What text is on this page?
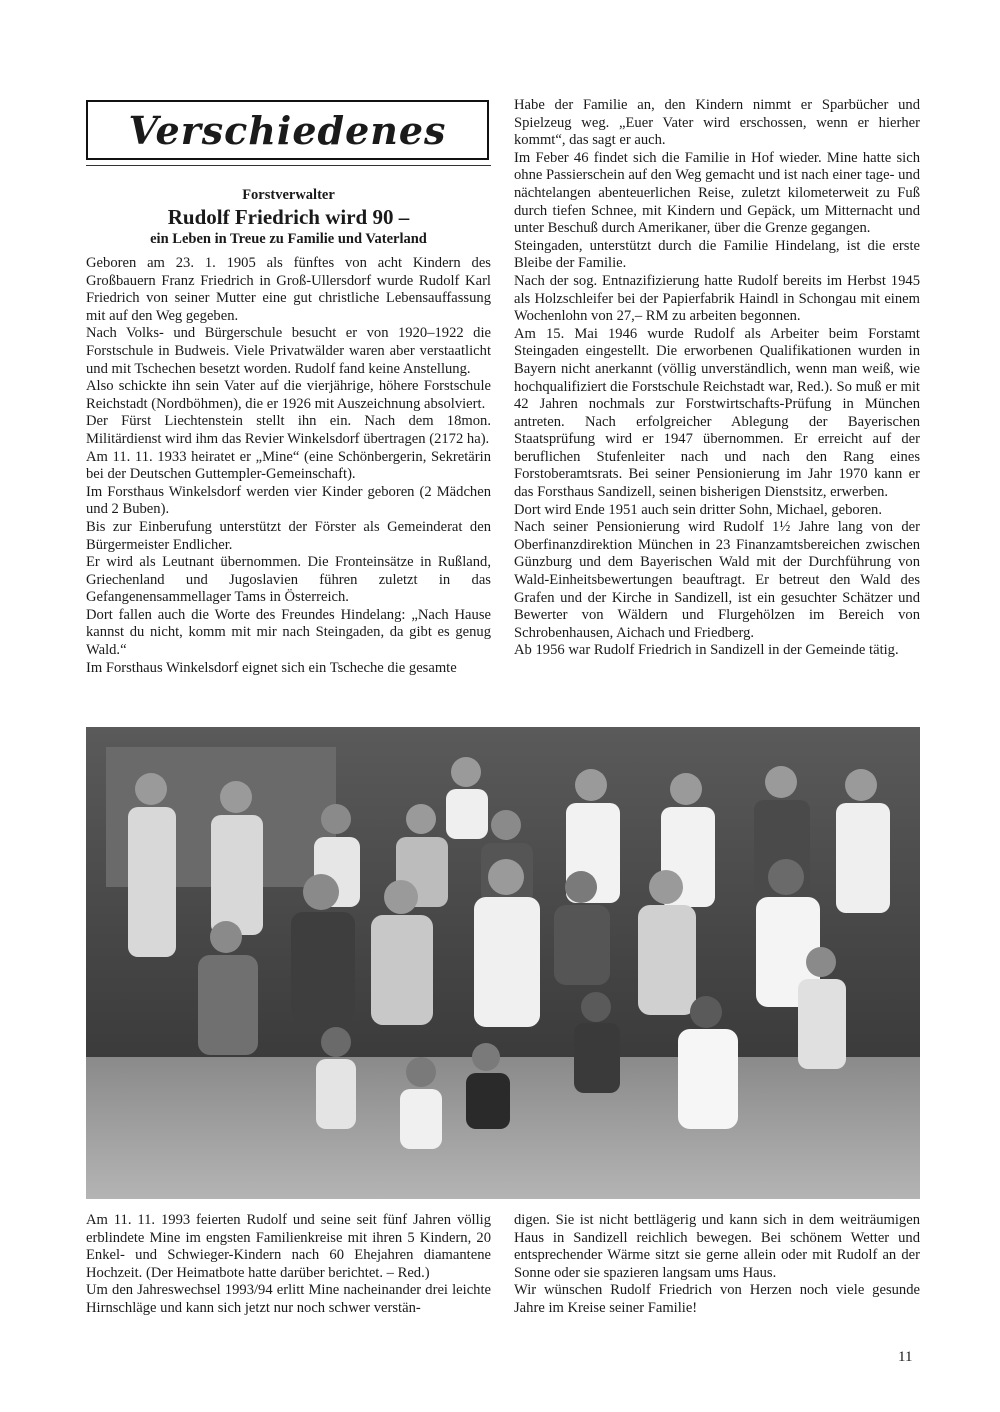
Verschiedenes
Forstverwalter
Rudolf Friedrich wird 90 –
ein Leben in Treue zu Familie und Vaterland

Geboren am 23. 1. 1905 als fünftes von acht Kindern des Großbauern Franz Friedrich in Groß-Ullersdorf wurde Rudolf Karl Friedrich von seiner Mutter eine gut christliche Lebensauffassung mit auf den Weg gegeben.

Nach Volks- und Bürgerschule besucht er von 1920–1922 die Forstschule in Budweis. Viele Privatwälder waren aber verstaatlicht und mit Tschechen besetzt worden. Rudolf fand keine Anstellung.

Also schickte ihn sein Vater auf die vierjährige, höhere Forstschule Reichstadt (Nordböhmen), die er 1926 mit Auszeichnung absolviert.

Der Fürst Liechtenstein stellt ihn ein. Nach dem 18mon. Militärdienst wird ihm das Revier Winkelsdorf übertragen (2172 ha).

Am 11. 11. 1933 heiratet er „Mine“ (eine Schönbergerin, Sekretärin bei der Deutschen Guttempler-Gemeinschaft).

Im Forsthaus Winkelsdorf werden vier Kinder geboren (2 Mädchen und 2 Buben).

Bis zur Einberufung unterstützt der Förster als Gemeinderat den Bürgermeister Endlicher.

Er wird als Leutnant übernommen. Die Fronteinsätze in Rußland, Griechenland und Jugoslavien führen zuletzt in das Gefangenensammellager Tams in Österreich.

Dort fallen auch die Worte des Freundes Hindelang: „Nach Hause kannst du nicht, komm mit mir nach Steingaden, da gibt es genug Wald.“

Im Forsthaus Winkelsdorf eignet sich ein Tscheche die gesamte

Habe der Familie an, den Kindern nimmt er Sparbücher und Spielzeug weg. „Euer Vater wird erschossen, wenn er hierher kommt“, das sagt er auch.

Im Feber 46 findet sich die Familie in Hof wieder. Mine hatte sich ohne Passierschein auf den Weg gemacht und ist nach einer tage- und nächtelangen abenteuerlichen Reise, zuletzt kilometerweit zu Fuß durch tiefen Schnee, mit Kindern und Gepäck, um Mitternacht und unter Beschuß durch Amerikaner, über die Grenze gegangen.

Steingaden, unterstützt durch die Familie Hindelang, ist die erste Bleibe der Familie.

Nach der sog. Entnazifizierung hatte Rudolf bereits im Herbst 1945 als Holzschleifer bei der Papierfabrik Haindl in Schongau mit einem Wochenlohn von 27,– RM zu arbeiten begonnen.

Am 15. Mai 1946 wurde Rudolf als Arbeiter beim Forstamt Steingaden eingestellt. Die erworbenen Qualifikationen wurden in Bayern nicht anerkannt (völlig unverständlich, wenn man weiß, wie hochqualifiziert die Forstschule Reichstadt war, Red.). So muß er mit 42 Jahren nochmals zur Forstwirtschafts-Prüfung in München antreten. Nach erfolgreicher Ablegung der Bayerischen Staatsprüfung wird er 1947 übernommen. Er erreicht auf der beruflichen Stufenleiter nach und nach den Rang eines Forstoberamtsrats. Bei seiner Pensionierung im Jahr 1970 kann er das Forsthaus Sandizell, seinen bisherigen Dienstsitz, erwerben.

Dort wird Ende 1951 auch sein dritter Sohn, Michael, geboren.

Nach seiner Pensionierung wird Rudolf 1½ Jahre lang von der Oberfinanzdirektion München in 23 Finanzamtsbereichen zwischen Günzburg und dem Bayerischen Wald mit der Durchführung von Wald-Einheitsbewertungen beauftragt. Er betreut den Wald des Grafen und der Kirche in Sandizell, ist ein gesuchter Schätzer und Bewerter von Wäldern und Flurgehölzen im Bereich von Schrobenhausen, Aichach und Friedberg.

Ab 1956 war Rudolf Friedrich in Sandizell in der Gemeinde tätig.

Am 11. 11. 1993 feierten Rudolf und seine seit fünf Jahren völlig erblindete Mine im engsten Familienkreise mit ihren 5 Kindern, 20 Enkel- und Schwieger-Kindern nach 60 Ehejahren diamantene Hochzeit. (Der Heimatbote hatte darüber berichtet. – Red.)

Um den Jahreswechsel 1993/94 erlitt Mine nacheinander drei leichte Hirnschläge und kann sich jetzt nur noch schwer verstän-

digen. Sie ist nicht bettlägerig und kann sich in dem weiträumigen Haus in Sandizell reichlich bewegen. Bei schönem Wetter und entsprechender Wärme sitzt sie gerne allein oder mit Rudolf an der Sonne oder sie spazieren langsam ums Haus.

Wir wünschen Rudolf Friedrich von Herzen noch viele gesunde Jahre im Kreise seiner Familie!

11
